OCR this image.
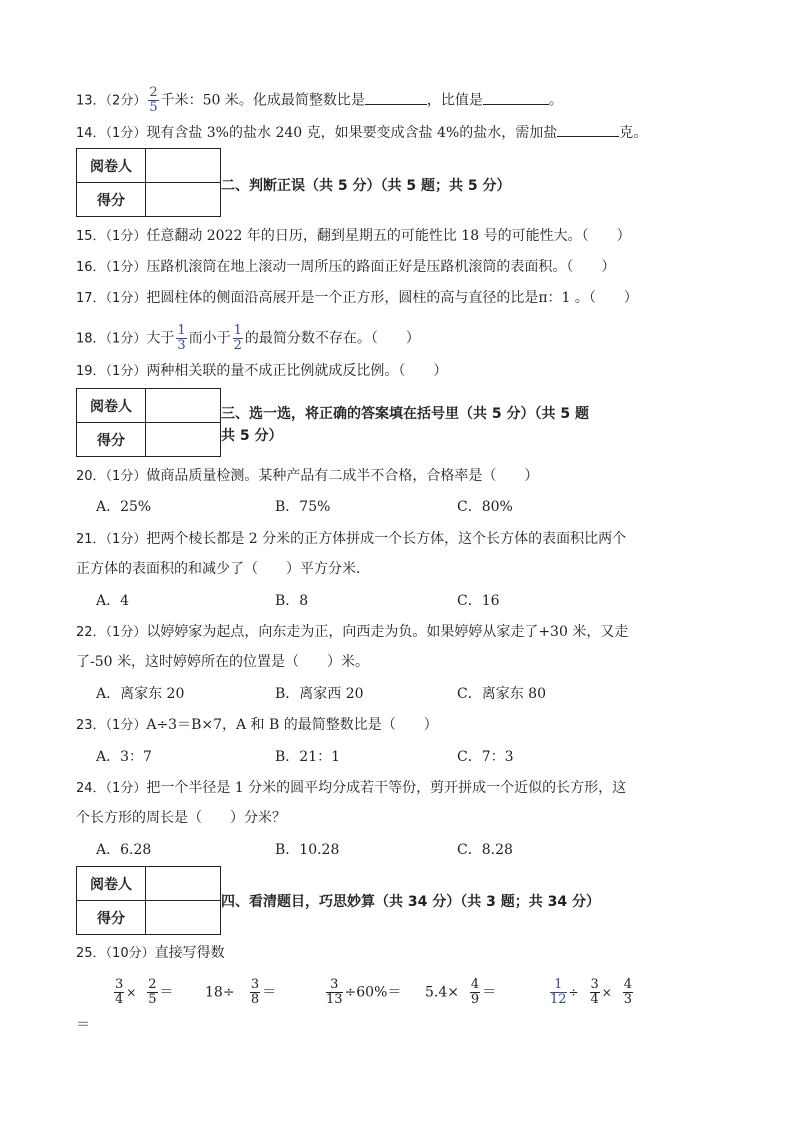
13．（2分） $\frac{2}{5}$ 千米：50 米。化成最简整数比是	，比值是	。
14．（1分）现有含盐 3%的盐水 240 克，如果要变成含盐 4%的盐水，需加盐	克。
阅卷人	
得分	
二、判断正误（共 5 分）（共 5 题；共 5 分）
15．（1分）任意翻动 2022 年的日历，翻到星期五的可能性比 18 号的可能性大。（　　）
16．（1分）压路机滚筒在地上滚动一周所压的路面正好是压路机滚筒的表面积。（　　）
17．（1分）把圆柱体的侧面沿高展开是一个正方形，圆柱的高与直径的比是π：1 。（　　）
18．（1分）大于 $\frac{1}{3}$ 而小于 $\frac{1}{2}$ 的最简分数不存在。（　　）
19．（1分）两种相关联的量不成正比例就成反比例。（　　）
阅卷人	
得分	
三、选一选，将正确的答案填在括号里（共 5 分）（共 5 题
共 5 分）
20．（1分）做商品质量检测。某种产品有二成半不合格，合格率是（　　）
A．25%	B．75%	C．80%
21．（1分）把两个棱长都是 2 分米的正方体拼成一个长方体，这个长方体的表面积比两个
正方体的表面积的和减少了（　　）平方分米．
A．4	B．8	C．16
22．（1分）以婷婷家为起点，向东走为正，向西走为负。如果婷婷从家走了+30 米，又走
了-50 米，这时婷婷所在的位置是（　　）米。
A．离家东 20	B．离家西 20	C．离家东 80
23．（1分）A÷3＝B×7，A 和 B 的最简整数比是（　　）
A．3：7	B．21：1	C．7：3
24．（1分）把一个半径是 1 分米的圆平均分成若干等份，剪开拼成一个近似的长方形，这
个长方形的周长是（　　）分米？
A．6.28	B．10.28	C．8.28
阅卷人	
得分	
四、看清题目，巧思妙算（共 34 分）（共 3 题；共 34 分）
25．（10分）直接写得数
$\frac{3}{4} \times \frac{2}{5} = 18\div \frac{3}{8}$ ＝	$\frac{3}{13} \div 60\%= 5.4\times \frac{4}{9}$ ＝	$\frac{1}{12} \div \frac{3}{4} \times \frac{4}{3}$
＝
